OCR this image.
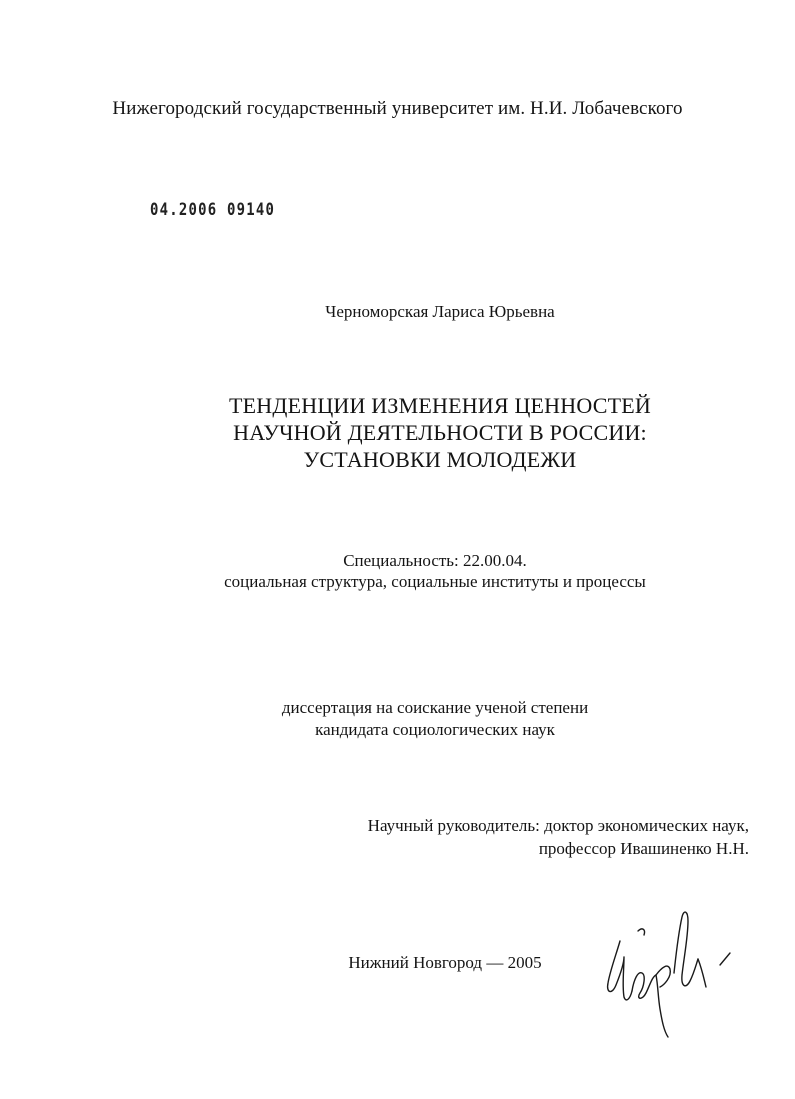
Нижегородский государственный университет им. Н.И. Лобачевского
04.2006 09140
Черноморская Лариса Юрьевна
ТЕНДЕНЦИИ ИЗМЕНЕНИЯ ЦЕННОСТЕЙ
НАУЧНОЙ ДЕЯТЕЛЬНОСТИ В РОССИИ:
УСТАНОВКИ МОЛОДЕЖИ
Специальность: 22.00.04.
социальная структура, социальные институты и процессы
диссертация на соискание ученой степени
кандидата социологических наук
Научный руководитель: доктор экономических наук,
профессор Ивашиненко Н.Н.
Нижний Новгород — 2005
